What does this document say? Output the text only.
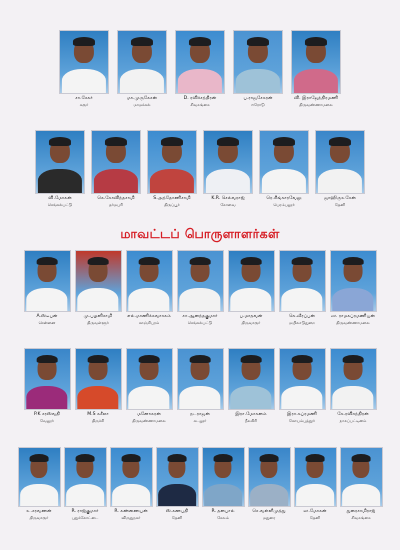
சா.சேகர்
கரூர்
மா.முருகேசன்
மாமக்கல்
D. ரவிச்சந்திரன்
சிவகங்கை
ப.ராஜசேகரன்
ஈரோடு
வி. இராஜேந்திரமணி
திருவண்ணாமலை
வி.மோகன்
செங்கல்பட்டு
கெ.கோவிந்தசாமி
தர்மபுரி
S.அந்தோணிசாமி
திருப்பூர்
K.R. செல்வராஜ்
கோவை
ரெ.சிங்காரவேலு
பெரம்பலூர்
ஜாஹிருஉசேன்
தேனி
மாவட்டப் பொருளாளர்கள்
A.ஸ்டீபன்
சென்னை
மு.பழனிசாமி
திருவள்ளூர்
எல்.மாணிக்கவாசகம்
காஞ்சிபுரம்
சா.ஆனந்தகுமார்
செங்கல்பட்டு
ப.மாதவன்
திருவாரூர்
கெ.வீரப்பன்
மயிலாடுதுறை
ஸ. ராமசுப்ரமணியன்
திருவண்ணாமலை
P.K சரஸ்வதி
வேலூர்
M.S சுசீலா
திருச்சி
மனோகரன்
திருவண்ணாமலை
நடராஜன்
கடலூர்
இரா.மோகனம்
நீலகிரி
இரா.சுப்ரமணி
கோயம்புத்தூர்
கே.ரவிசந்திரன்
நாகப்பட்டினம்
உ.சரவணன்
திருவாரூர்
R. ராஜ்குமார்
புதுக்கோட்டை
R. கண்ணையன்
விருதுநகர்
ஸ்.கணபதி
தேனி
R. தனபால்
சேலம்
செ.வள்ளிமுத்து
மதுரை
ஸ.மோகன்
தேனி
துரைசாமிராஜ்
சிவகங்கை
